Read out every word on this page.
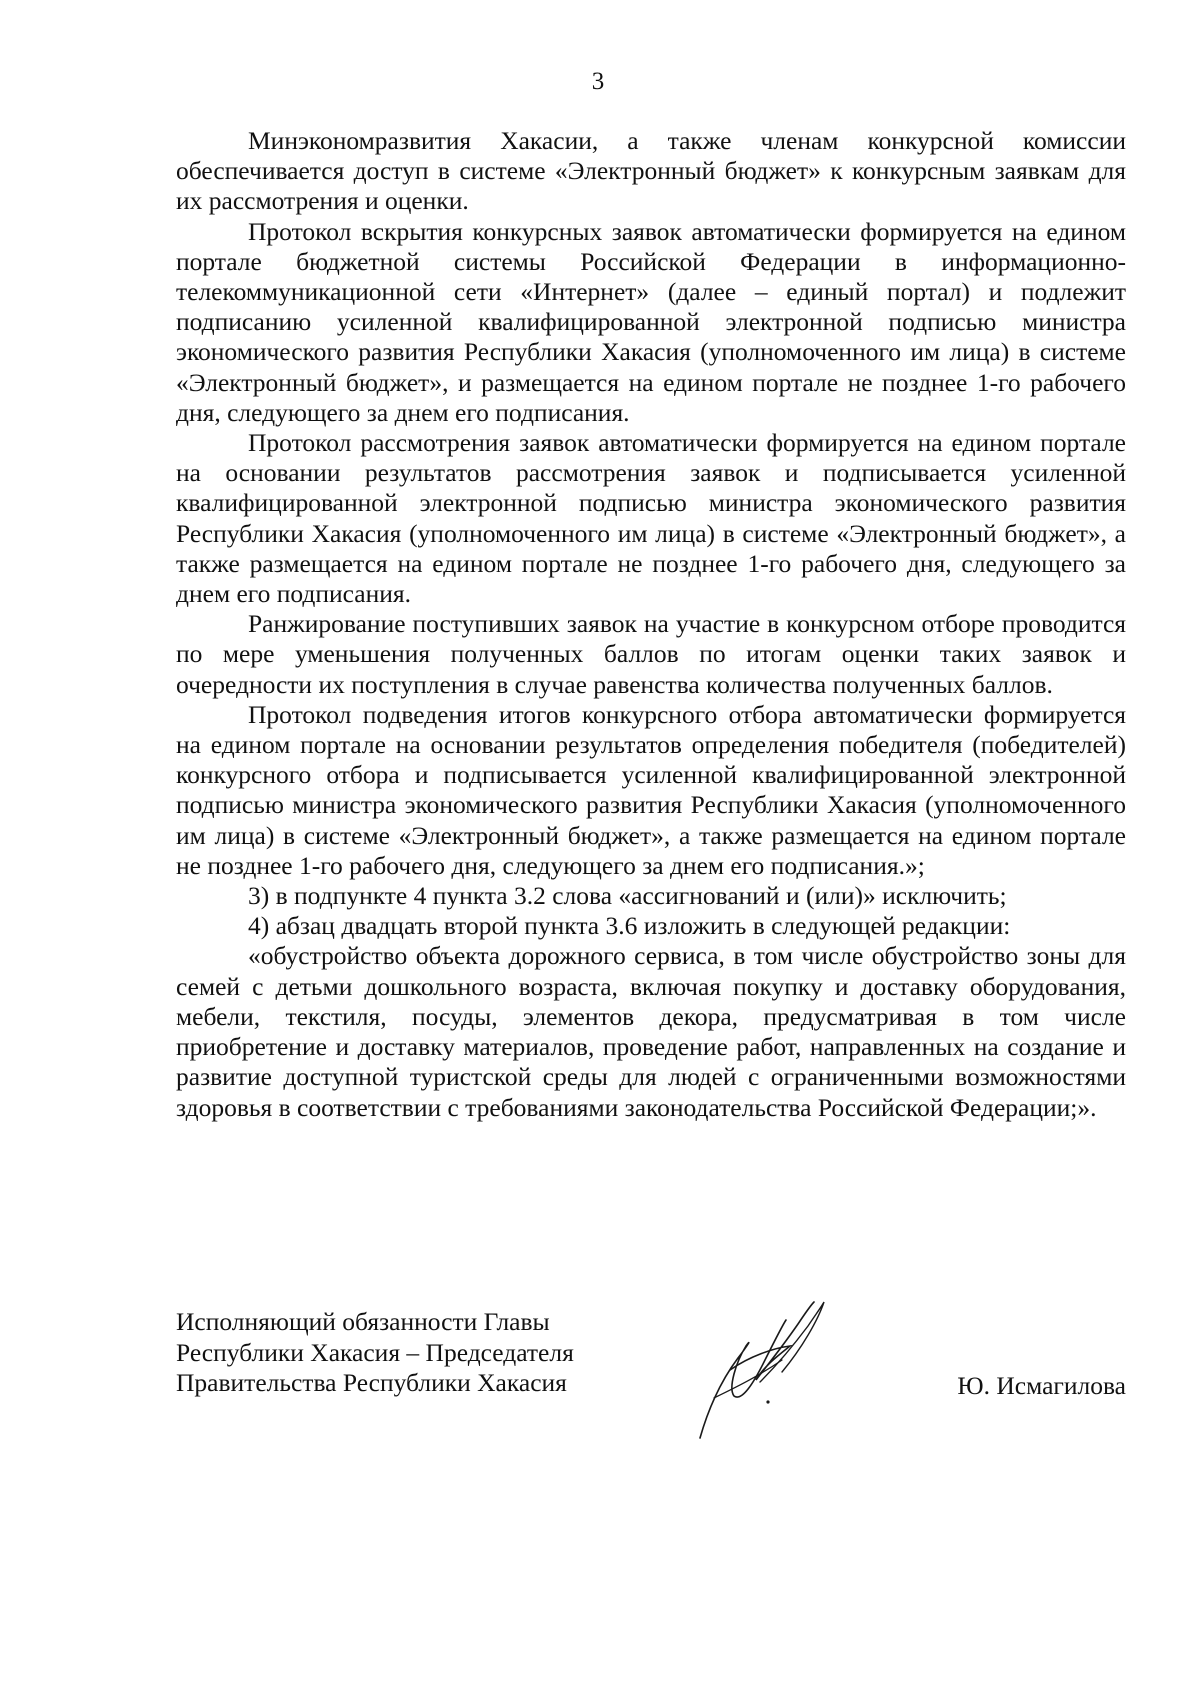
3

Минэкономразвития Хакасии, а также членам конкурсной комиссии обеспечивается доступ в системе «Электронный бюджет» к конкурсным заявкам для их рассмотрения и оценки.

Протокол вскрытия конкурсных заявок автоматически формируется на едином портале бюджетной системы Российской Федерации в информационно-телекоммуникационной сети «Интернет» (далее – единый портал) и подлежит подписанию усиленной квалифицированной электронной подписью министра экономического развития Республики Хакасия (уполномоченного им лица) в системе «Электронный бюджет», и размещается на едином портале не позднее 1-го рабочего дня, следующего за днем его подписания.

Протокол рассмотрения заявок автоматически формируется на едином портале на основании результатов рассмотрения заявок и подписывается усиленной квалифицированной электронной подписью министра экономического развития Республики Хакасия (уполномоченного им лица) в системе «Электронный бюджет», а также размещается на едином портале не позднее 1-го рабочего дня, следующего за днем его подписания.

Ранжирование поступивших заявок на участие в конкурсном отборе проводится по мере уменьшения полученных баллов по итогам оценки таких заявок и очередности их поступления в случае равенства количества полученных баллов.

Протокол подведения итогов конкурсного отбора автоматически формируется на едином портале на основании результатов определения победителя (победителей) конкурсного отбора и подписывается усиленной квалифицированной электронной подписью министра экономического развития Республики Хакасия (уполномоченного им лица) в системе «Электронный бюджет», а также размещается на едином портале не позднее 1-го рабочего дня, следующего за днем его подписания.»;

3) в подпункте 4 пункта 3.2 слова «ассигнований и (или)» исключить;

4) абзац двадцать второй пункта 3.6 изложить в следующей редакции:

«обустройство объекта дорожного сервиса, в том числе обустройство зоны для семей с детьми дошкольного возраста, включая покупку и доставку оборудования, мебели, текстиля, посуды, элементов декора, предусматривая в том числе приобретение и доставку материалов, проведение работ, направленных на создание и развитие доступной туристской среды для людей с ограниченными возможностями здоровья в соответствии с требованиями законодательства Российской Федерации;».

Исполняющий обязанности Главы
Республики Хакасия – Председателя
Правительства Республики Хакасия	Ю. Исмагилова
